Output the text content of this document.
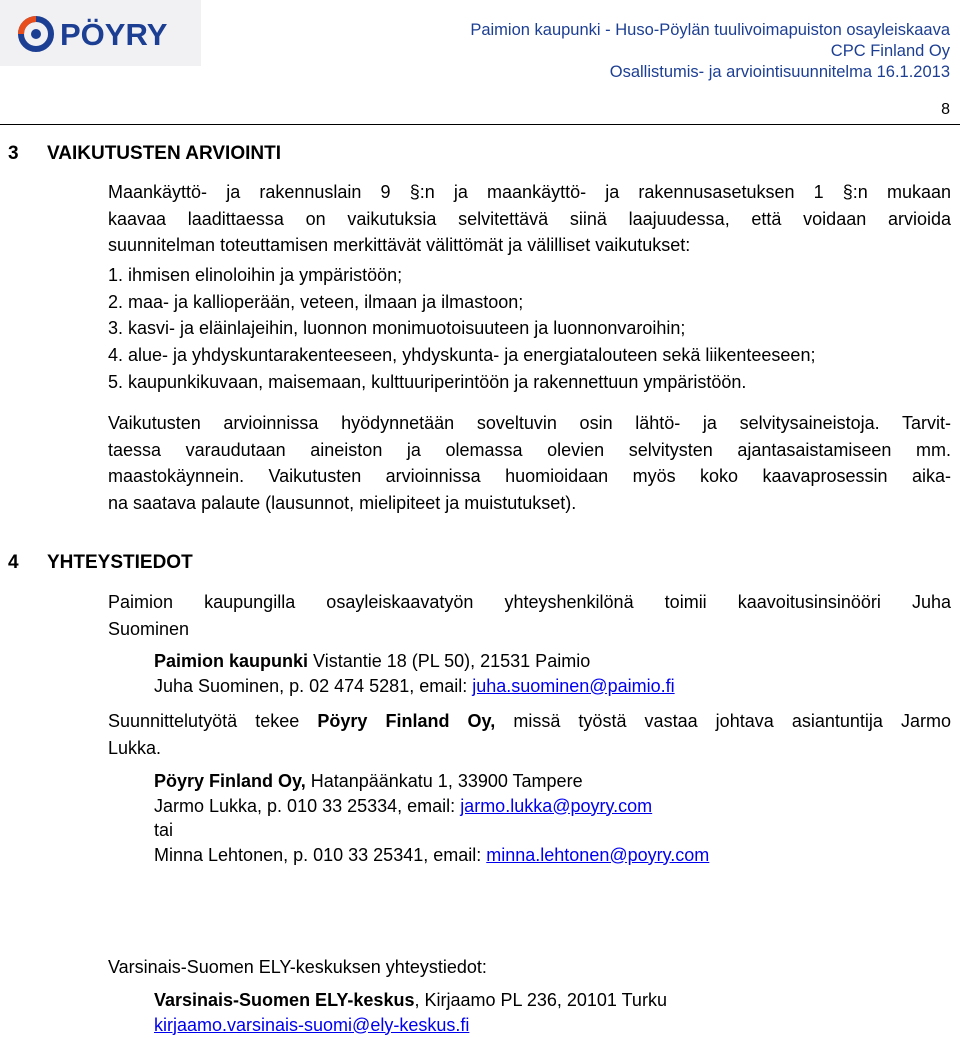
PÖYRY	Paimion kaupunki - Huso-Pöylän tuulivoimapuiston osayleiskaava
CPC Finland Oy
Osallistumis- ja arviointisuunnitelma 16.1.2013
8
3 VAIKUTUSTEN ARVIOINTI

Maankäyttö- ja rakennuslain 9 §:n ja maankäyttö- ja rakennusasetuksen 1 §:n mukaan

kaavaa laadittaessa on vaikutuksia selvitettävä siinä laajuudessa, että voidaan arvioida

suunnitelman toteuttamisen merkittävät välittömät ja välilliset vaikutukset:

1. ihmisen elinoloihin ja ympäristöön;
2. maa- ja kallioperään, veteen, ilmaan ja ilmastoon;
3. kasvi- ja eläinlajeihin, luonnon monimuotoisuuteen ja luonnonvaroihin;
4. alue- ja yhdyskuntarakenteeseen, yhdyskunta- ja energiatalouteen sekä liikenteeseen;
5. kaupunkikuvaan, maisemaan, kulttuuriperintöön ja rakennettuun ympäristöön.

Vaikutusten arvioinnissa hyödynnetään soveltuvin osin lähtö- ja selvitysaineistoja. Tarvit-

taessa varaudutaan aineiston ja olemassa olevien selvitysten ajantasaistamiseen mm.

maastokäynnein. Vaikutusten arvioinnissa huomioidaan myös koko kaavaprosessin aika-

na saatava palaute (lausunnot, mielipiteet ja muistutukset).

4 YHTEYSTIEDOT

Paimion kaupungilla osayleiskaavatyön yhteyshenkilönä toimii kaavoitusinsinööri Juha

Suominen

Paimion kaupunki Vistantie 18 (PL 50), 21531 Paimio
Juha Suominen, p. 02 474 5281, email: juha.suominen@paimio.fi

Suunnittelutyötä tekee Pöyry Finland Oy, missä työstä vastaa johtava asiantuntija Jarmo

Lukka.

Pöyry Finland Oy, Hatanpäänkatu 1, 33900 Tampere
Jarmo Lukka, p. 010 33 25334, email: jarmo.lukka@poyry.com
tai
Minna Lehtonen, p. 010 33 25341, email: minna.lehtonen@poyry.com

Varsinais-Suomen ELY-keskuksen yhteystiedot:

Varsinais-Suomen ELY-keskus, Kirjaamo PL 236, 20101 Turku
kirjaamo.varsinais-suomi@ely-keskus.fi
